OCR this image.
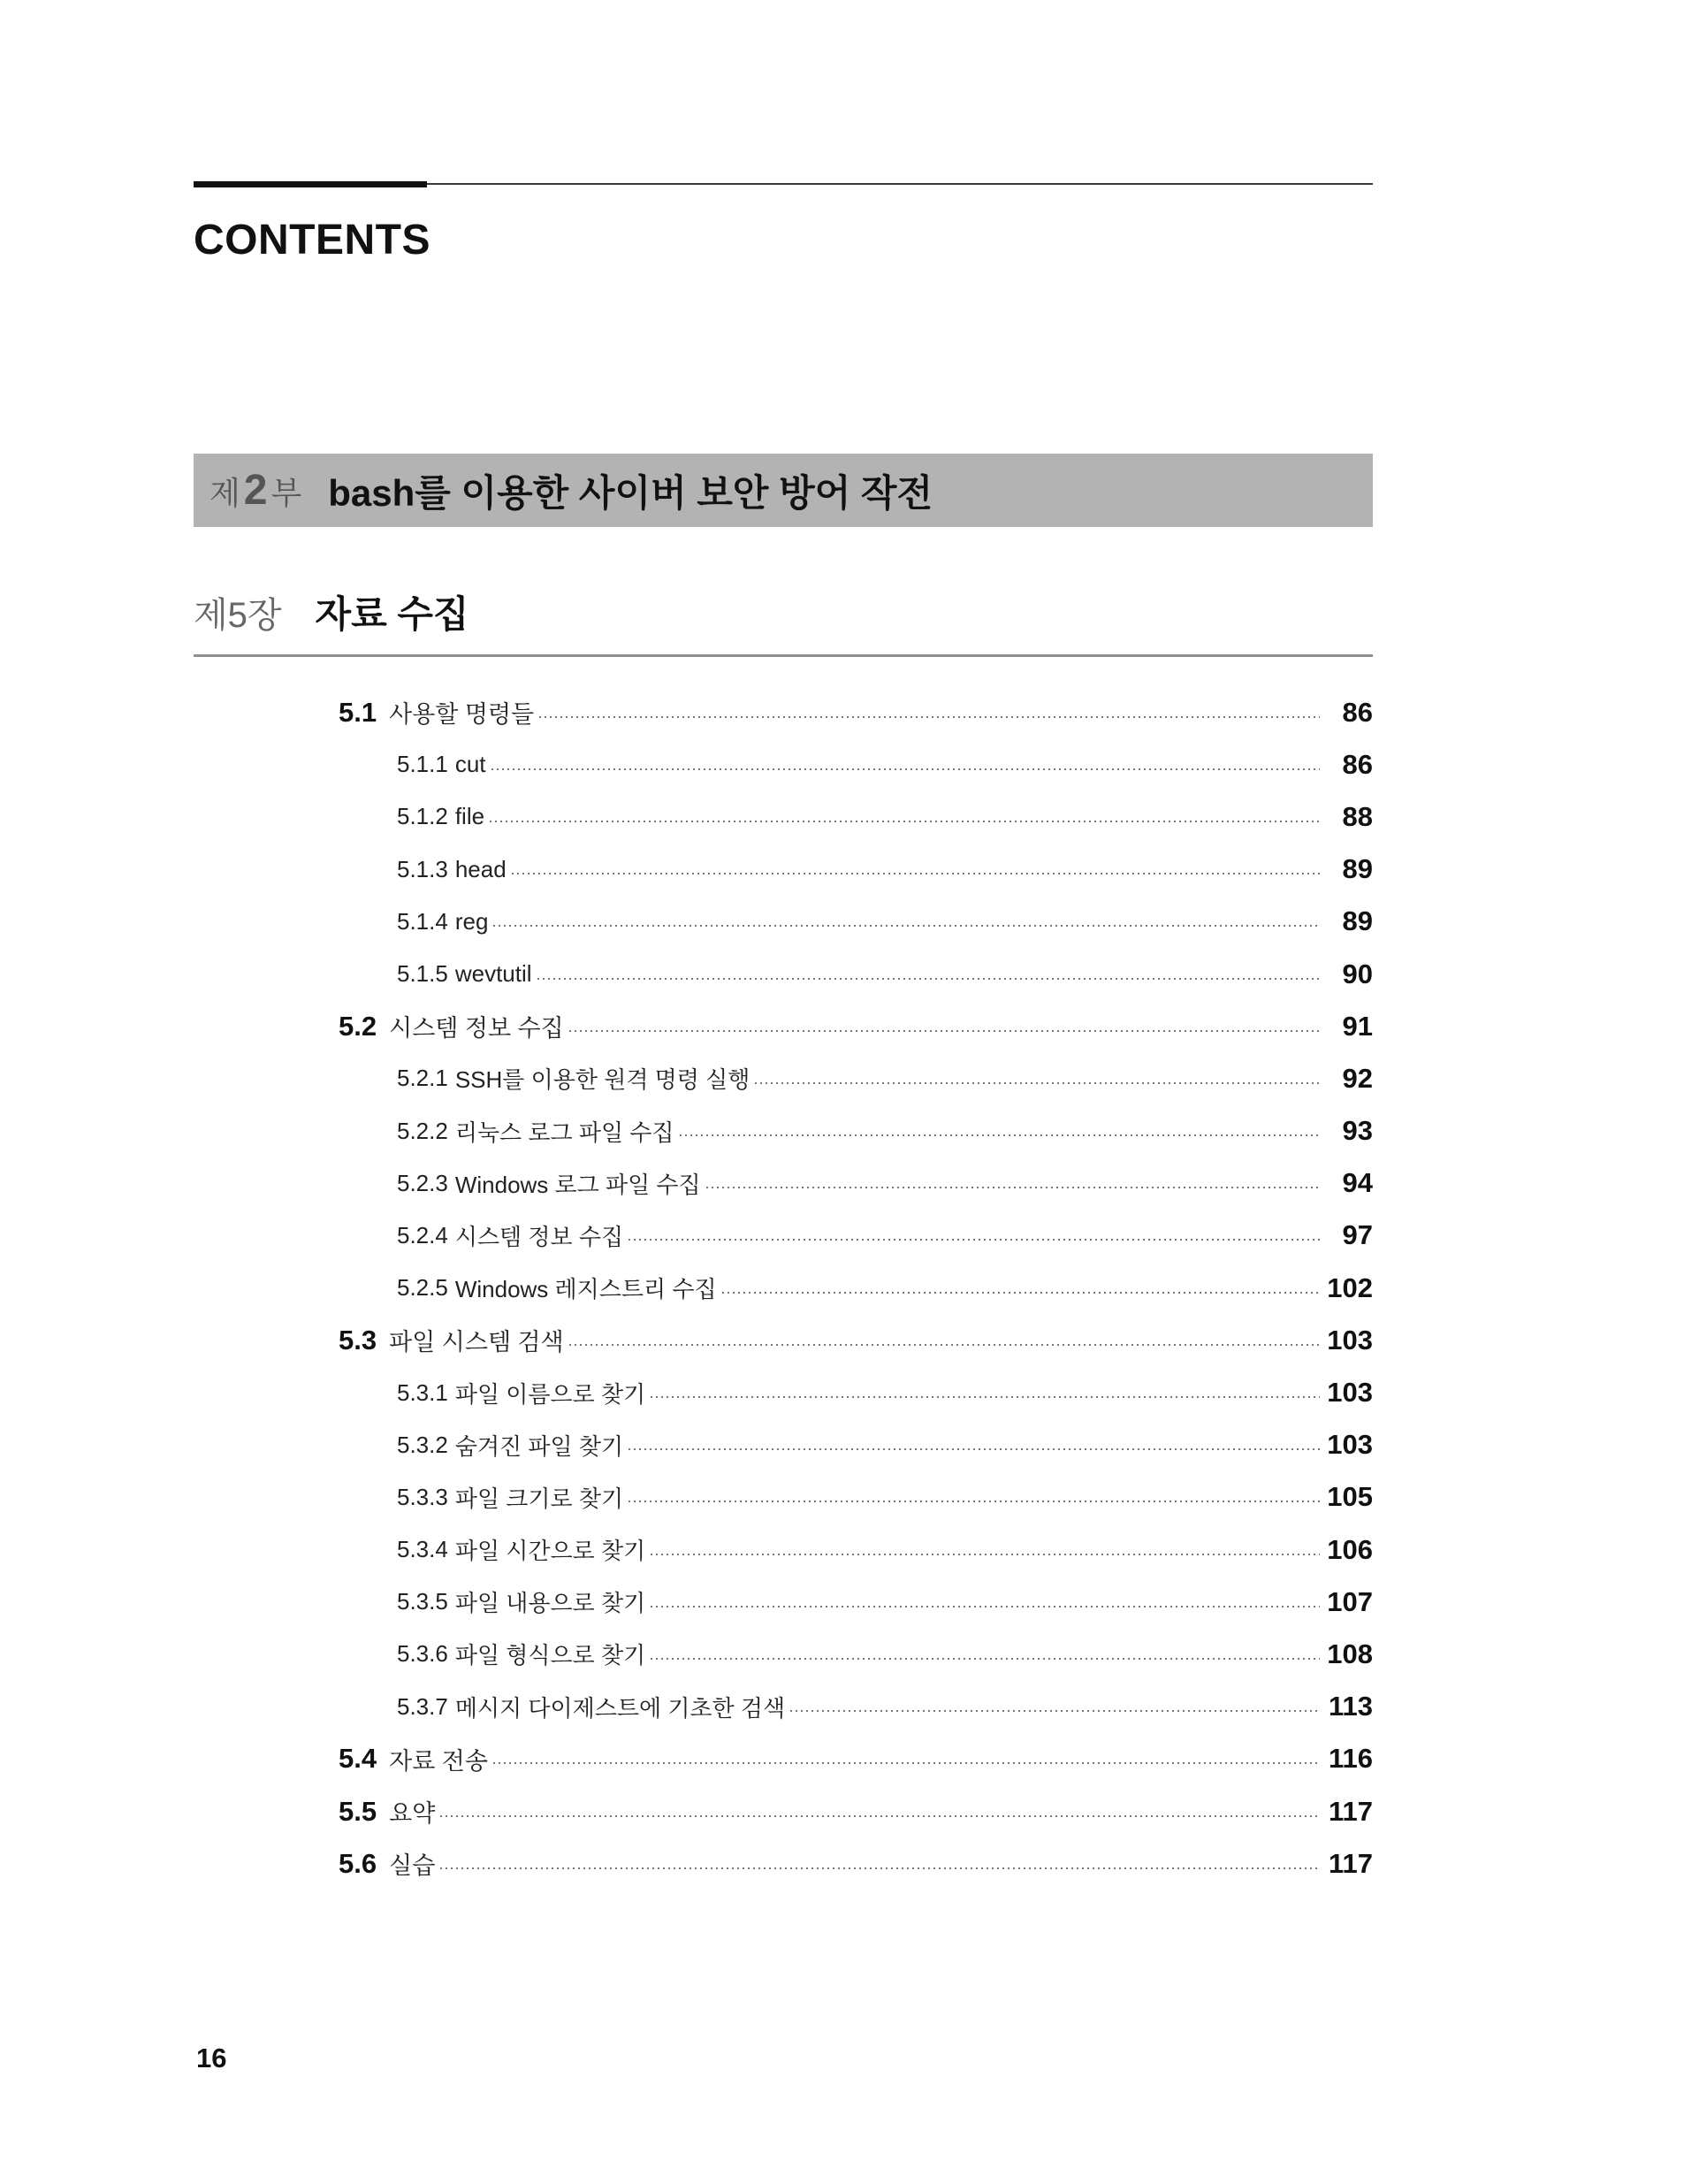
CONTENTS
제 2 부 bash를 이용한 사이버 보안 방어 작전
제5장 자료 수집
5.1 사용할 명령들	86
5.1.1 cut	86
5.1.2 file	88
5.1.3 head	89
5.1.4 reg	89
5.1.5 wevtutil	90
5.2 시스템 정보 수집	91
5.2.1 SSH를 이용한 원격 명령 실행	92
5.2.2 리눅스 로그 파일 수집	93
5.2.3 Windows 로그 파일 수집	94
5.2.4 시스템 정보 수집	97
5.2.5 Windows 레지스트리 수집	102
5.3 파일 시스템 검색	103
5.3.1 파일 이름으로 찾기	103
5.3.2 숨겨진 파일 찾기	103
5.3.3 파일 크기로 찾기	105
5.3.4 파일 시간으로 찾기	106
5.3.5 파일 내용으로 찾기	107
5.3.6 파일 형식으로 찾기	108
5.3.7 메시지 다이제스트에 기초한 검색	113
5.4 자료 전송	116
5.5 요약	117
5.6 실습	117
16
